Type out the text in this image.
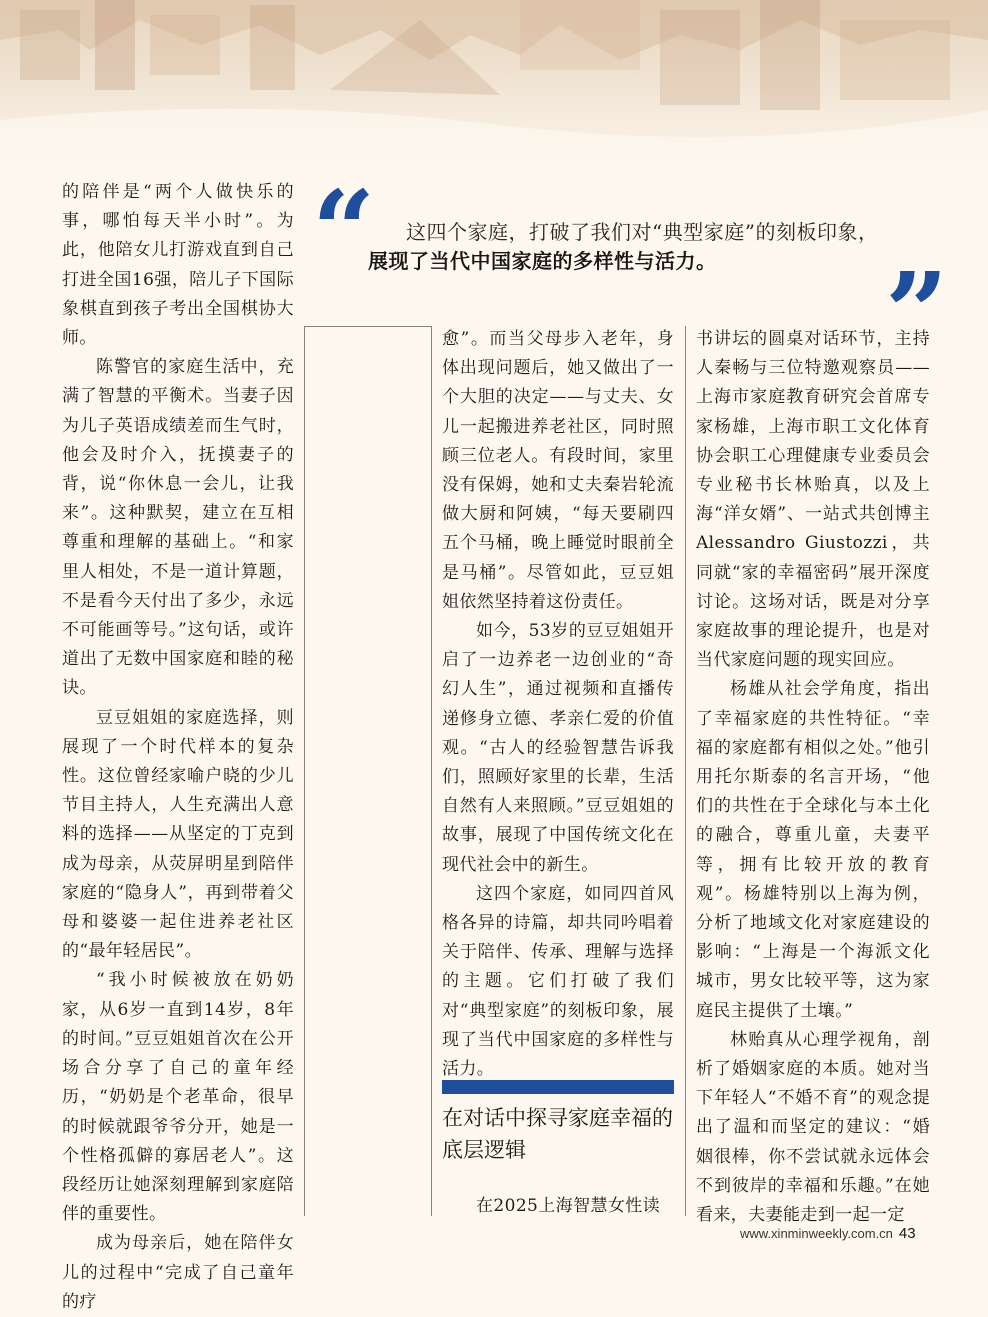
“ 这四个家庭，打破了我们对“典型家庭”的刻板印象，
展现了当代中国家庭的多样性与活力。	”

的陪伴是“两个人做快乐的事，哪怕每天半小时”。为此，他陪女儿打游戏直到自己打进全国16强，陪儿子下国际象棋直到孩子考出全国棋协大师。

陈警官的家庭生活中，充满了智慧的平衡术。当妻子因为儿子英语成绩差而生气时，他会及时介入，抚摸妻子的背，说“你休息一会儿，让我来”。这种默契，建立在互相尊重和理解的基础上。“和家里人相处，不是一道计算题，不是看今天付出了多少，永远不可能画等号。”这句话，或许道出了无数中国家庭和睦的秘诀。

豆豆姐姐的家庭选择，则展现了一个时代样本的复杂性。这位曾经家喻户晓的少儿节目主持人，人生充满出人意料的选择——从坚定的丁克到成为母亲，从荧屏明星到陪伴家庭的“隐身人”，再到带着父母和婆婆一起住进养老社区的“最年轻居民”。

“我小时候被放在奶奶家，从6岁一直到14岁，8年的时间。”豆豆姐姐首次在公开场合分享了自己的童年经历，“奶奶是个老革命，很早的时候就跟爷爷分开，她是一个性格孤僻的寡居老人”。这段经历让她深刻理解到家庭陪伴的重要性。

成为母亲后，她在陪伴女儿的过程中“完成了自己童年的疗

愈”。而当父母步入老年，身体出现问题后，她又做出了一个大胆的决定——与丈夫、女儿一起搬进养老社区，同时照顾三位老人。有段时间，家里没有保姆，她和丈夫秦岩轮流做大厨和阿姨，“每天要刷四五个马桶，晚上睡觉时眼前全是马桶”。尽管如此，豆豆姐姐依然坚持着这份责任。

如今，53岁的豆豆姐姐开启了一边养老一边创业的“奇幻人生”，通过视频和直播传递修身立德、孝亲仁爱的价值观。“古人的经验智慧告诉我们，照顾好家里的长辈，生活自然有人来照顾。”豆豆姐姐的故事，展现了中国传统文化在现代社会中的新生。

这四个家庭，如同四首风格各异的诗篇，却共同吟唱着关于陪伴、传承、理解与选择的主题。它们打破了我们对“典型家庭”的刻板印象，展现了当代中国家庭的多样性与活力。

在对话中探寻家庭幸福的底层逻辑
在2025上海智慧女性读

书讲坛的圆桌对话环节，主持人秦畅与三位特邀观察员——上海市家庭教育研究会首席专家杨雄，上海市职工文化体育协会职工心理健康专业委员会专业秘书长林贻真，以及上海“洋女婿”、一站式共创博主Alessandro Giustozzi，共同就“家的幸福密码”展开深度讨论。这场对话，既是对分享家庭故事的理论提升，也是对当代家庭问题的现实回应。

杨雄从社会学角度，指出了幸福家庭的共性特征。“幸福的家庭都有相似之处。”他引用托尔斯泰的名言开场，“他们的共性在于全球化与本土化的融合，尊重儿童，夫妻平等，拥有比较开放的教育观”。杨雄特别以上海为例，分析了地域文化对家庭建设的影响：“上海是一个海派文化城市，男女比较平等，这为家庭民主提供了土壤。”

林贻真从心理学视角，剖析了婚姻家庭的本质。她对当下年轻人“不婚不育”的观念提出了温和而坚定的建议：“婚姻很棒，你不尝试就永远体会不到彼岸的幸福和乐趣。”在她看来，夫妻能走到一起一定

www.xinminweekly.com.cn 43
